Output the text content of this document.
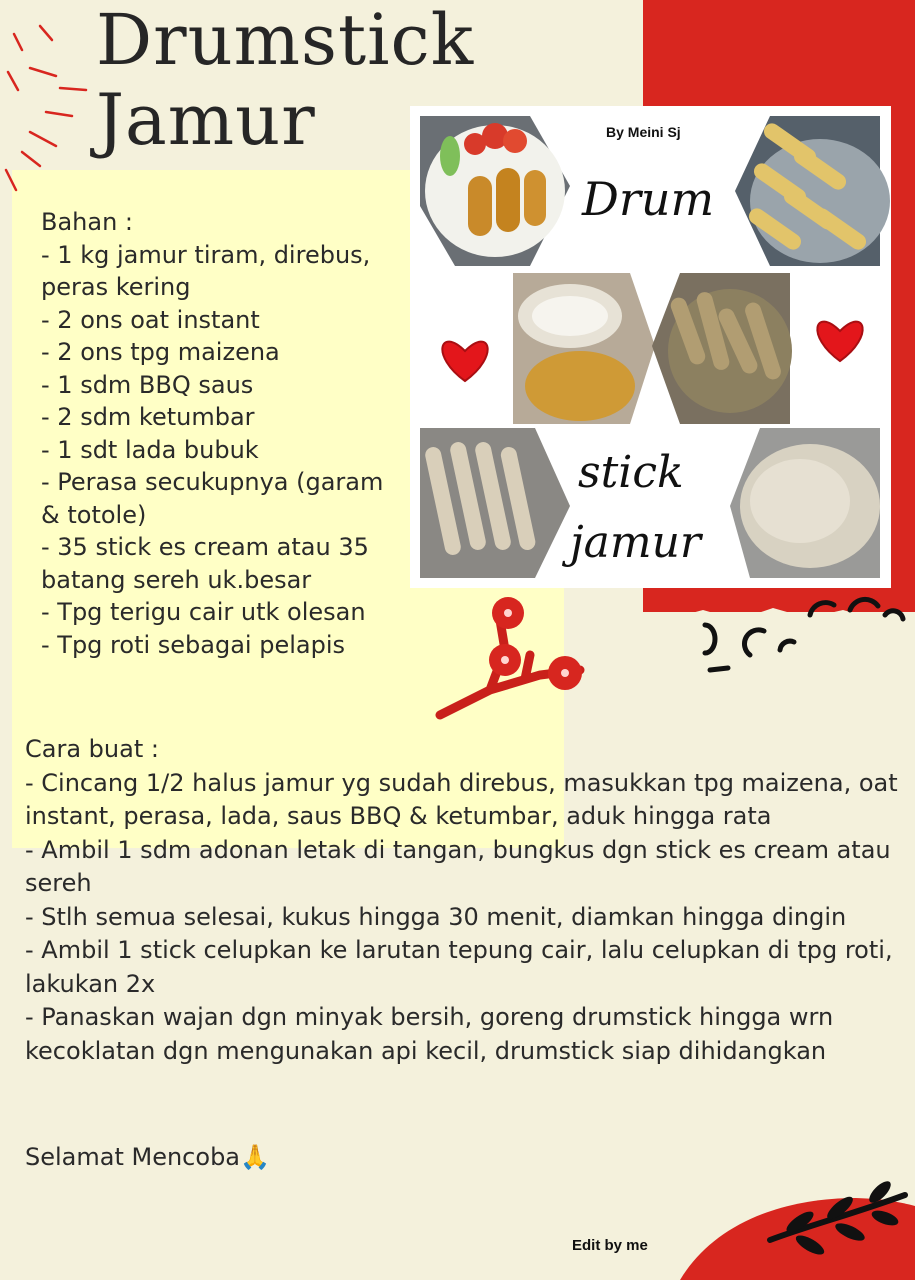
Drumstick
Jamur	By Meini Sj
Drum
stick
jamur
Bahan :
- 1 kg jamur tiram, direbus, peras kering
- 2 ons oat instant
- 2 ons tpg maizena
- 1 sdm BBQ saus
- 2 sdm ketumbar
- 1 sdt lada bubuk
- Perasa secukupnya (garam & totole)
- 35 stick es cream atau 35 batang sereh uk.besar
- Tpg terigu cair utk olesan
- Tpg roti sebagai pelapis
Cara buat :
- Cincang 1/2 halus jamur yg sudah direbus, masukkan tpg maizena, oat instant, perasa, lada, saus BBQ & ketumbar, aduk hingga rata
- Ambil 1 sdm adonan letak di tangan, bungkus dgn stick es cream atau sereh
- Stlh semua selesai, kukus hingga 30 menit, diamkan hingga dingin
- Ambil 1 stick celupkan ke larutan tepung cair, lalu celupkan di tpg roti, lakukan 2x
- Panaskan wajan dgn minyak bersih, goreng drumstick hingga wrn kecoklatan dgn mengunakan api kecil, drumstick siap dihidangkan
Selamat Mencoba🙏
Edit by me
